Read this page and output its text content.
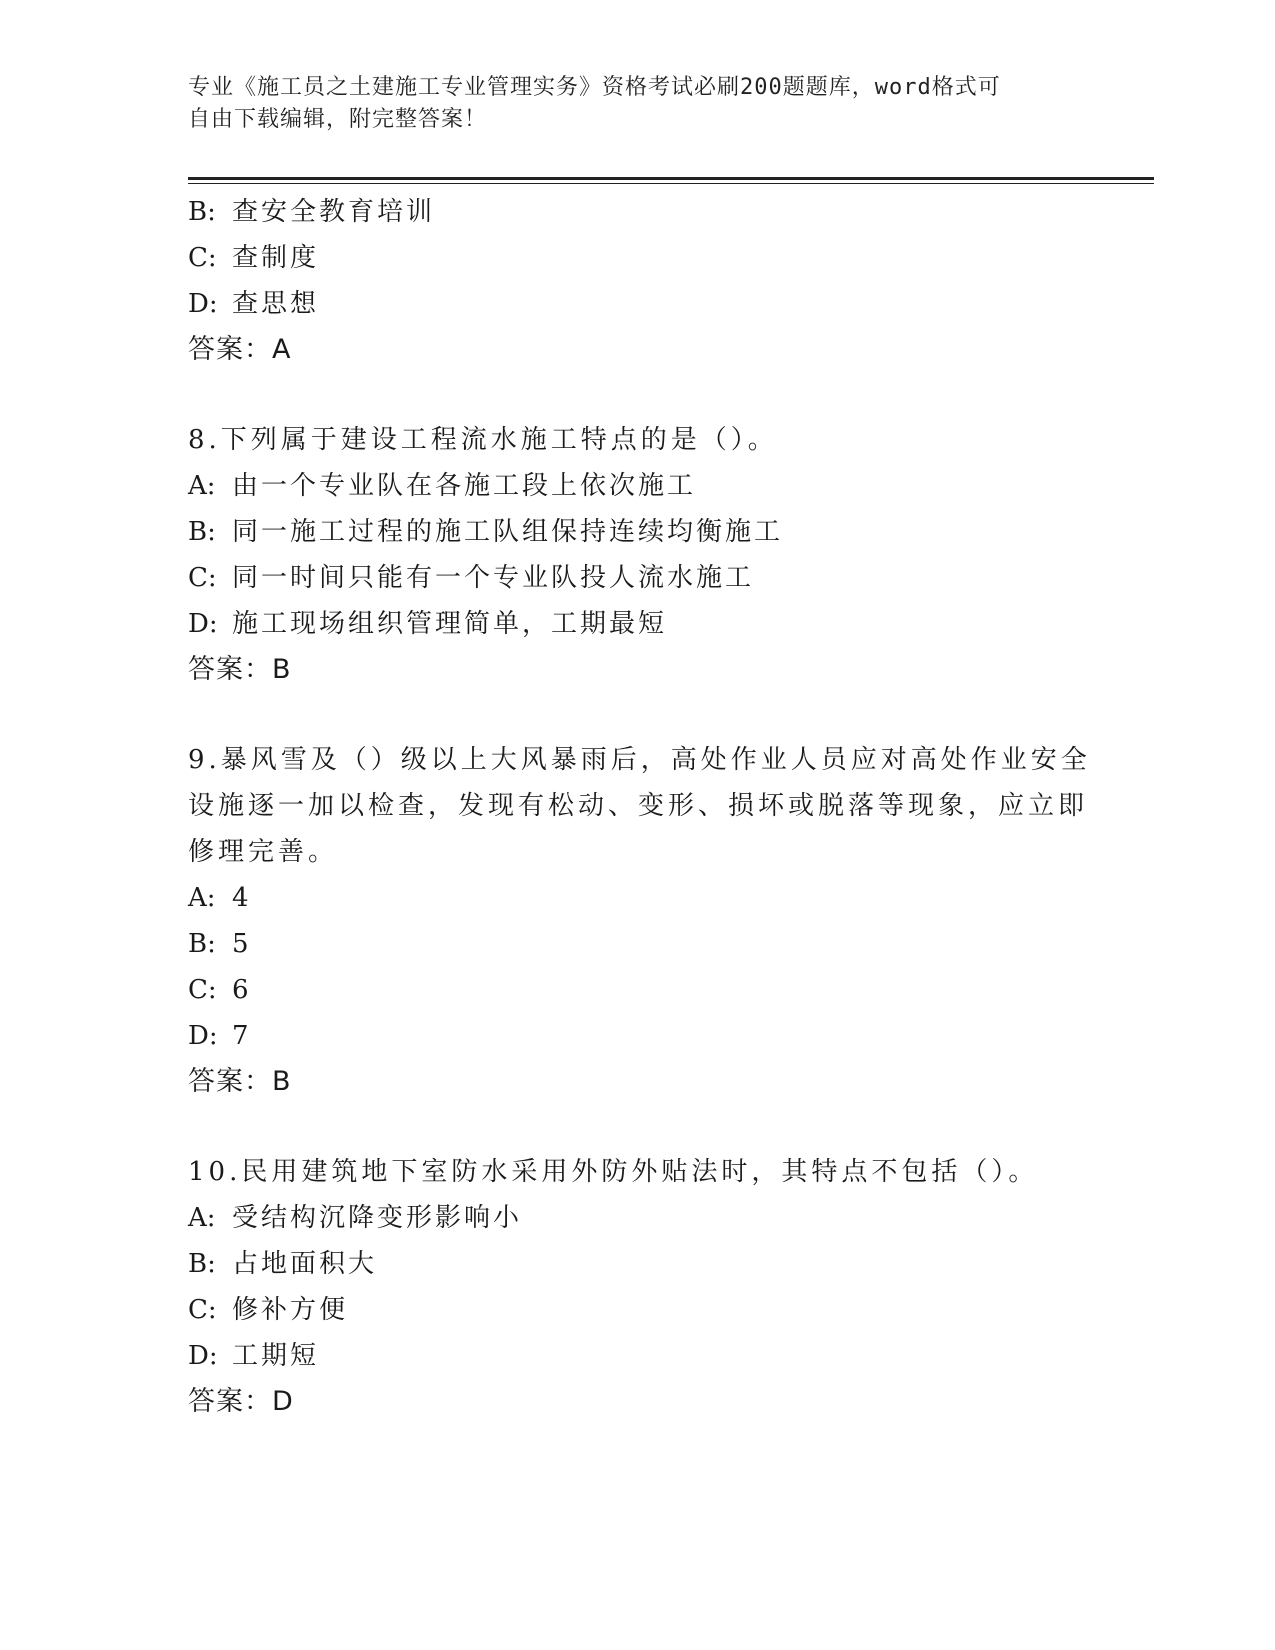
专业《施工员之土建施工专业管理实务》资格考试必刷200题题库，word格式可
自由下载编辑，附完整答案！
B: 查安全教育培训
C: 查制度
D: 查思想
答案：A
8.下列属于建设工程流水施工特点的是（）。
A: 由一个专业队在各施工段上依次施工
B: 同一施工过程的施工队组保持连续均衡施工
C: 同一时间只能有一个专业队投人流水施工
D: 施工现场组织管理简单，工期最短
答案：B
9.暴风雪及（）级以上大风暴雨后，高处作业人员应对高处作业安全
设施逐一加以检查，发现有松动、变形、损坏或脱落等现象，应立即
修理完善。
A: 4
B: 5
C: 6
D: 7
答案：B
10.民用建筑地下室防水采用外防外贴法时，其特点不包括（）。
A: 受结构沉降变形影响小
B: 占地面积大
C: 修补方便
D: 工期短
答案：D
